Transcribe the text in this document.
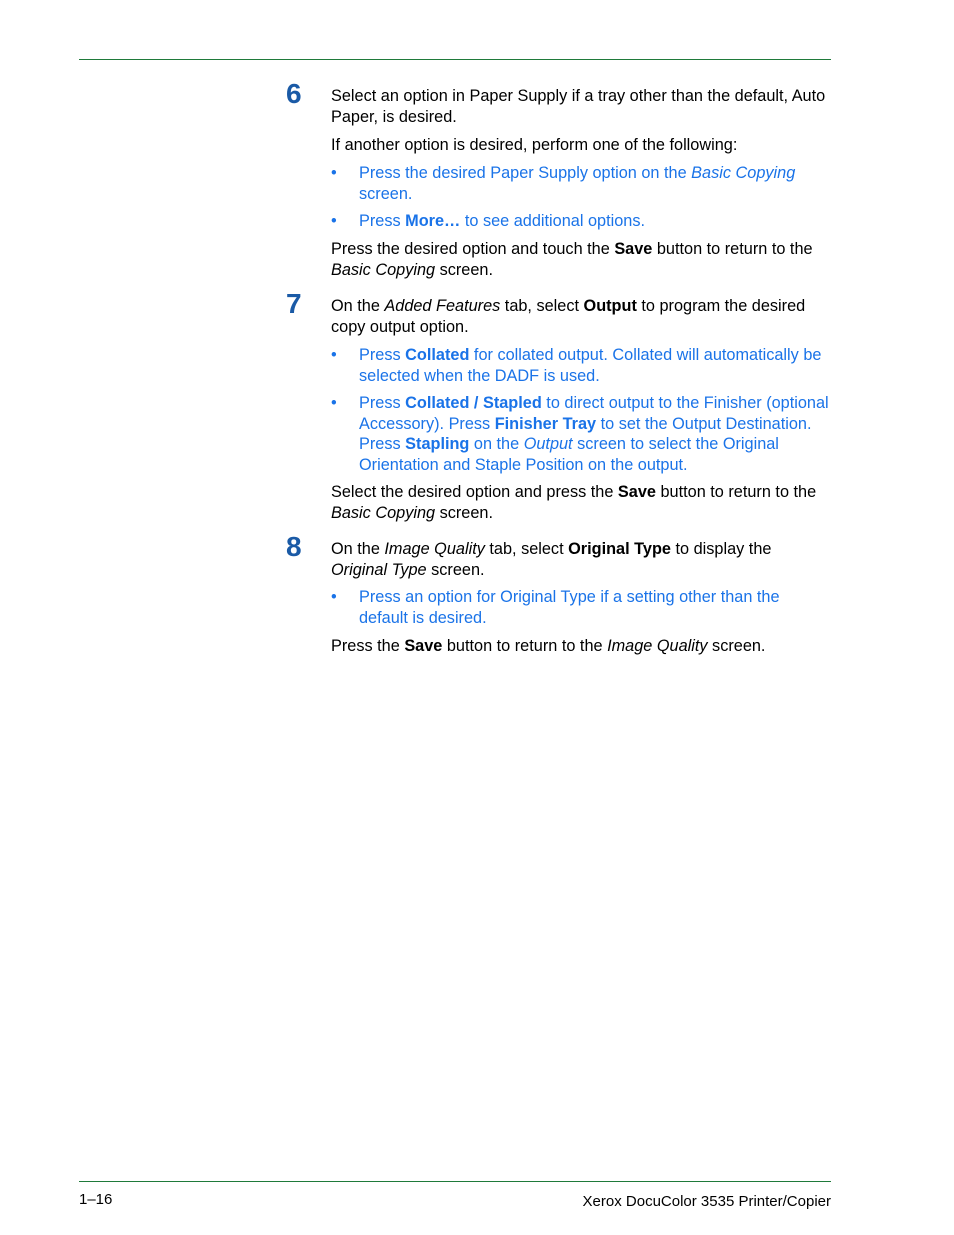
6 Select an option in Paper Supply if a tray other than the default, Auto Paper, is desired.

If another option is desired, perform one of the following:

• Press the desired Paper Supply option on the Basic Copying screen.
• Press More… to see additional options.

Press the desired option and touch the Save button to return to the Basic Copying screen.

7 On the Added Features tab, select Output to program the desired copy output option.

• Press Collated for collated output. Collated will automatically be selected when the DADF is used.
• Press Collated / Stapled to direct output to the Finisher (optional Accessory). Press Finisher Tray to set the Output Destination. Press Stapling on the Output screen to select the Original Orientation and Staple Position on the output.

Select the desired option and press the Save button to return to the Basic Copying screen.

8 On the Image Quality tab, select Original Type to display the Original Type screen.

• Press an option for Original Type if a setting other than the default is desired.

Press the Save button to return to the Image Quality screen.

1–16	Xerox DocuColor 3535 Printer/Copier
